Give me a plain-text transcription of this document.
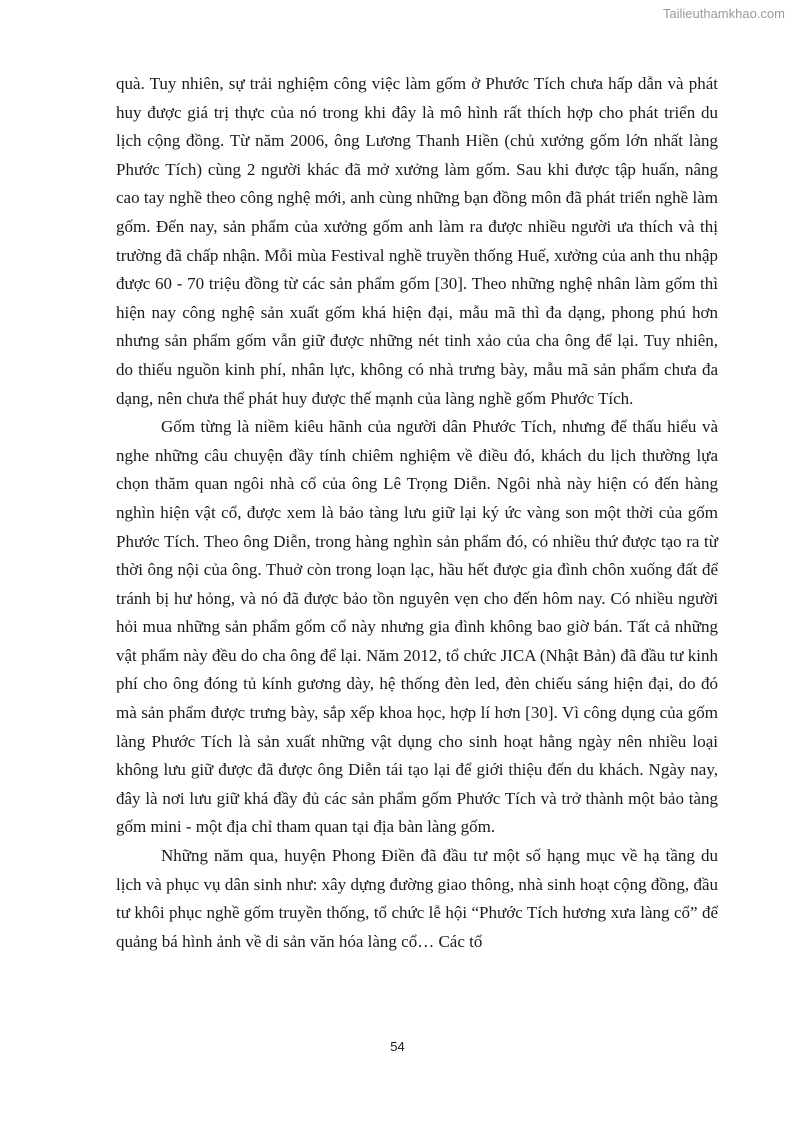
Tailieuthamkhao.com

quà. Tuy nhiên, sự trải nghiệm công việc làm gốm ở Phước Tích chưa hấp dẫn và phát huy được giá trị thực của nó trong khi đây là mô hình rất thích hợp cho phát triển du lịch cộng đồng. Từ năm 2006, ông Lương Thanh Hiền (chủ xưởng gốm lớn nhất làng Phước Tích) cùng 2 người khác đã mở xưởng làm gốm. Sau khi được tập huấn, nâng cao tay nghề theo công nghệ mới, anh cùng những bạn đồng môn đã phát triển nghề làm gốm. Đến nay, sản phẩm của xưởng gốm anh làm ra được nhiều người ưa thích và thị trường đã chấp nhận. Mỗi mùa Festival nghề truyền thống Huế, xưởng của anh thu nhập được 60 - 70 triệu đồng từ các sản phẩm gốm [30]. Theo những nghệ nhân làm gốm thì hiện nay công nghệ sản xuất gốm khá hiện đại, mẫu mã thì đa dạng, phong phú hơn nhưng sản phẩm gốm vẫn giữ được những nét tinh xảo của cha ông để lại. Tuy nhiên, do thiếu nguồn kinh phí, nhân lực, không có nhà trưng bày, mẫu mã sản phẩm chưa đa dạng, nên chưa thể phát huy được thế mạnh của làng nghề gốm Phước Tích.

Gốm từng là niềm kiêu hãnh của người dân Phước Tích, nhưng để thấu hiểu và nghe những câu chuyện đầy tính chiêm nghiệm về điều đó, khách du lịch thường lựa chọn thăm quan ngôi nhà cổ của ông Lê Trọng Diễn. Ngôi nhà này hiện có đến hàng nghìn hiện vật cổ, được xem là bảo tàng lưu giữ lại ký ức vàng son một thời của gốm Phước Tích. Theo ông Diễn, trong hàng nghìn sản phẩm đó, có nhiều thứ được tạo ra từ thời ông nội của ông. Thuở còn trong loạn lạc, hầu hết được gia đình chôn xuống đất để tránh bị hư hỏng, và nó đã được bảo tồn nguyên vẹn cho đến hôm nay. Có nhiều người hỏi mua những sản phẩm gốm cổ này nhưng gia đình không bao giờ bán. Tất cả những vật phẩm này đều do cha ông để lại. Năm 2012, tổ chức JICA (Nhật Bản) đã đầu tư kinh phí cho ông đóng tủ kính gương dày, hệ thống đèn led, đèn chiếu sáng hiện đại, do đó mà sản phẩm được trưng bày, sắp xếp khoa học, hợp lí hơn [30]. Vì công dụng của gốm làng Phước Tích là sản xuất những vật dụng cho sinh hoạt hằng ngày nên nhiều loại không lưu giữ được đã được ông Diễn tái tạo lại để giới thiệu đến du khách. Ngày nay, đây là nơi lưu giữ khá đầy đủ các sản phẩm gốm Phước Tích và trở thành một bảo tàng gốm mini - một địa chỉ tham quan tại địa bàn làng gốm.

Những năm qua, huyện Phong Điền đã đầu tư một số hạng mục về hạ tầng du lịch và phục vụ dân sinh như: xây dựng đường giao thông, nhà sinh hoạt cộng đồng, đầu tư khôi phục nghề gốm truyền thống, tổ chức lễ hội “Phước Tích hương xưa làng cổ” để quảng bá hình ảnh về di sản văn hóa làng cổ… Các tổ

54
